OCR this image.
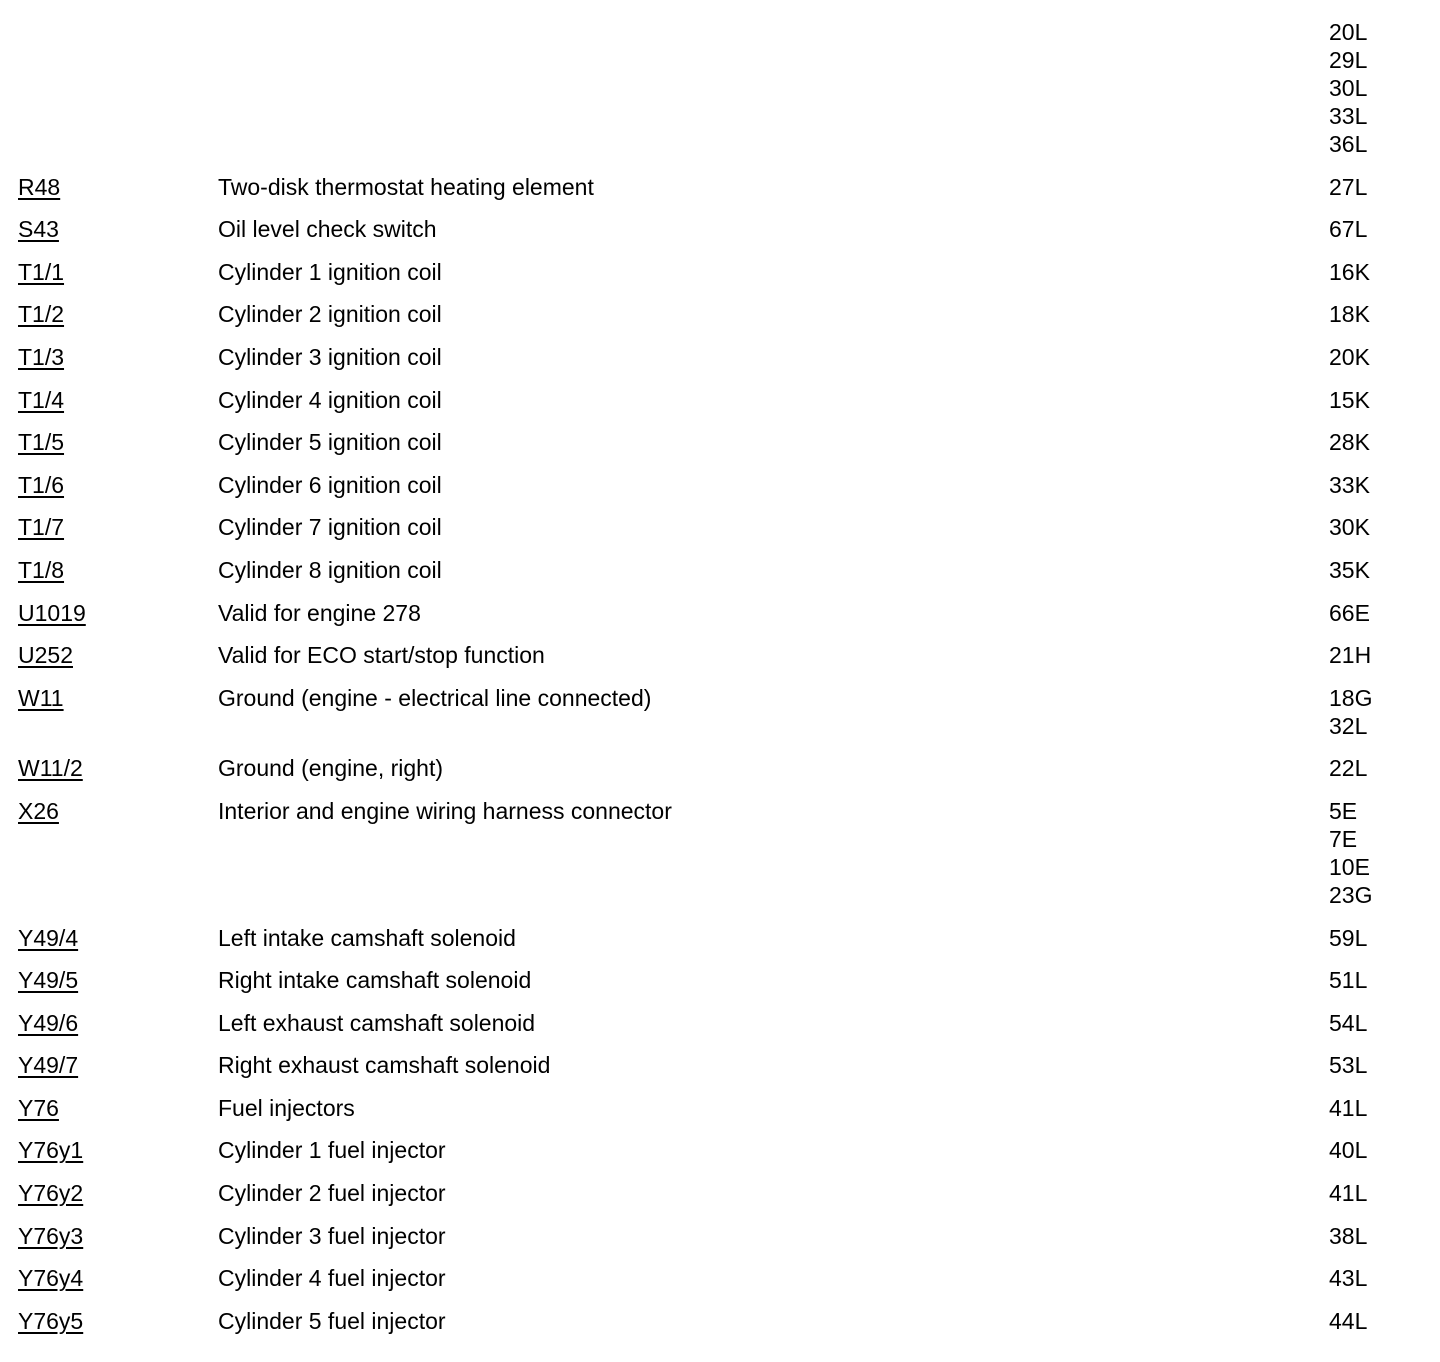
20L
29L
30L
33L
36L
R48	Two-disk thermostat heating element	27L
S43	Oil level check switch	67L
T1/1	Cylinder 1 ignition coil	16K
T1/2	Cylinder 2 ignition coil	18K
T1/3	Cylinder 3 ignition coil	20K
T1/4	Cylinder 4 ignition coil	15K
T1/5	Cylinder 5 ignition coil	28K
T1/6	Cylinder 6 ignition coil	33K
T1/7	Cylinder 7 ignition coil	30K
T1/8	Cylinder 8 ignition coil	35K
U1019	Valid for engine 278	66E
U252	Valid for ECO start/stop function	21H
W11	Ground (engine - electrical line connected)	18G
32L
W11/2	Ground (engine, right)	22L
X26	Interior and engine wiring harness connector	5E
7E
10E
23G
Y49/4	Left intake camshaft solenoid	59L
Y49/5	Right intake camshaft solenoid	51L
Y49/6	Left exhaust camshaft solenoid	54L
Y49/7	Right exhaust camshaft solenoid	53L
Y76	Fuel injectors	41L
Y76y1	Cylinder 1 fuel injector	40L
Y76y2	Cylinder 2 fuel injector	41L
Y76y3	Cylinder 3 fuel injector	38L
Y76y4	Cylinder 4 fuel injector	43L
Y76y5	Cylinder 5 fuel injector	44L
